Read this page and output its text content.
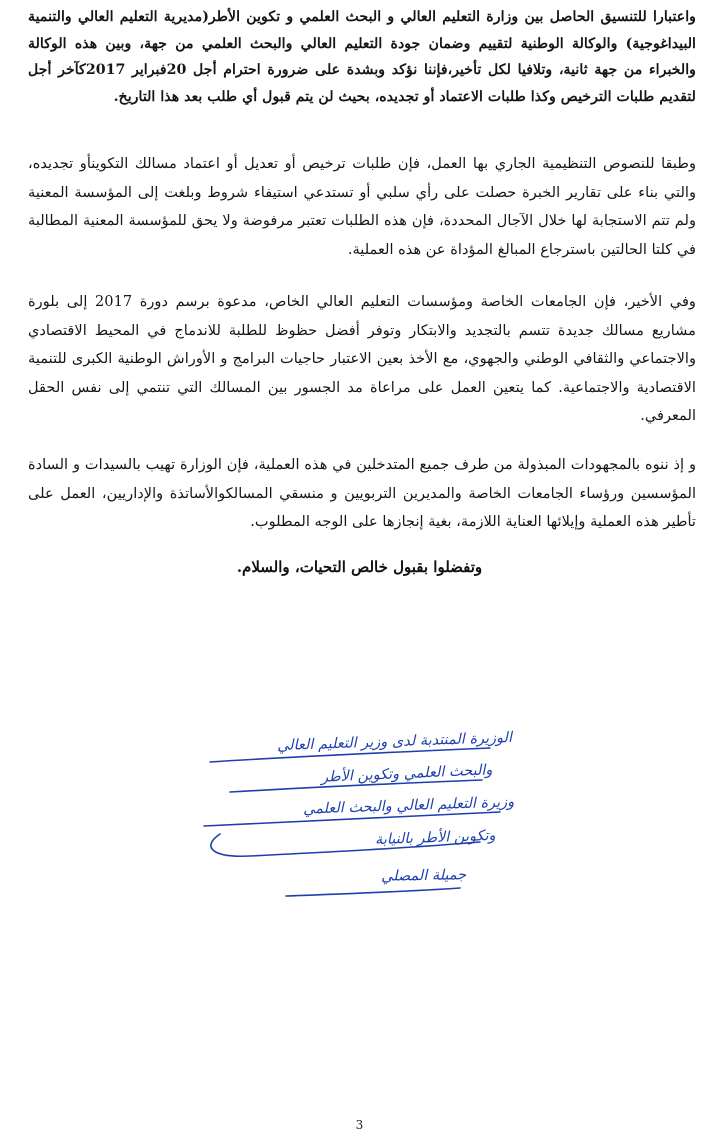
واعتبارا للتنسيق الحاصل بين وزارة التعليم العالي و البحث العلمي و تكوين الأطر(مديرية التعليم العالي والتنمية البيداغوجية) والوكالة الوطنية لتقييم وضمان جودة التعليم العالي والبحث العلمي من جهة، وبين هذه الوكالة والخبراء من جهة ثانية، وتلافيا لكل تأخير،فإننا نؤكد وبشدة على ضرورة احترام أجل 20فبراير 2017كآخر أجل لتقديم طلبات الترخيص وكذا طلبات الاعتماد أو تجديده، بحيث لن يتم قبول أي طلب بعد هذا التاريخ.

وطبقا للنصوص التنظيمية الجاري بها العمل، فإن طلبات ترخيص أو تعديل أو اعتماد مسالك التكوينأو تجديده، والتي بناء على تقارير الخبرة حصلت على رأي سلبي أو تستدعي استيفاء شروط وبلغت إلى المؤسسة المعنية ولم تتم الاستجابة لها خلال الآجال المحددة، فإن هذه الطلبات تعتبر مرفوضة ولا يحق للمؤسسة المعنية المطالبة في كلتا الحالتين باسترجاع المبالغ المؤداة عن هذه العملية.

وفي الأخير، فإن الجامعات الخاصة ومؤسسات التعليم العالي الخاص، مدعوة برسم دورة 2017 إلى بلورة مشاريع مسالك جديدة تتسم بالتجديد والابتكار وتوفر أفضل حظوظ للطلبة للاندماج في المحيط الاقتصادي والاجتماعي والثقافي الوطني والجهوي، مع الأخذ بعين الاعتبار حاجيات البرامج و الأوراش الوطنية الكبرى للتنمية الاقتصادية والاجتماعية. كما يتعين العمل على مراعاة مد الجسور بين المسالك التي تنتمي إلى نفس الحقل المعرفي.

و إذ ننوه بالمجهودات المبذولة من طرف جميع المتدخلين في هذه العملية، فإن الوزارة تهيب بالسيدات و السادة المؤسسين ورؤساء الجامعات الخاصة والمديرين التربويين و منسقي المسالكوالأساتذة والإداريين، العمل على تأطير هذه العملية وإيلائها العناية اللازمة، بغية إنجازها على الوجه المطلوب.

وتفضلوا بقبول خالص التحيات، والسلام.
الوزيرة المنتدبة لدى وزير التعليم العالي
والبحث العلمي وتكوين الأطر
وزيرة التعليم العالي والبحث العلمي
وتكوين الأطر بالنيابة
جميلة المصلي
3
